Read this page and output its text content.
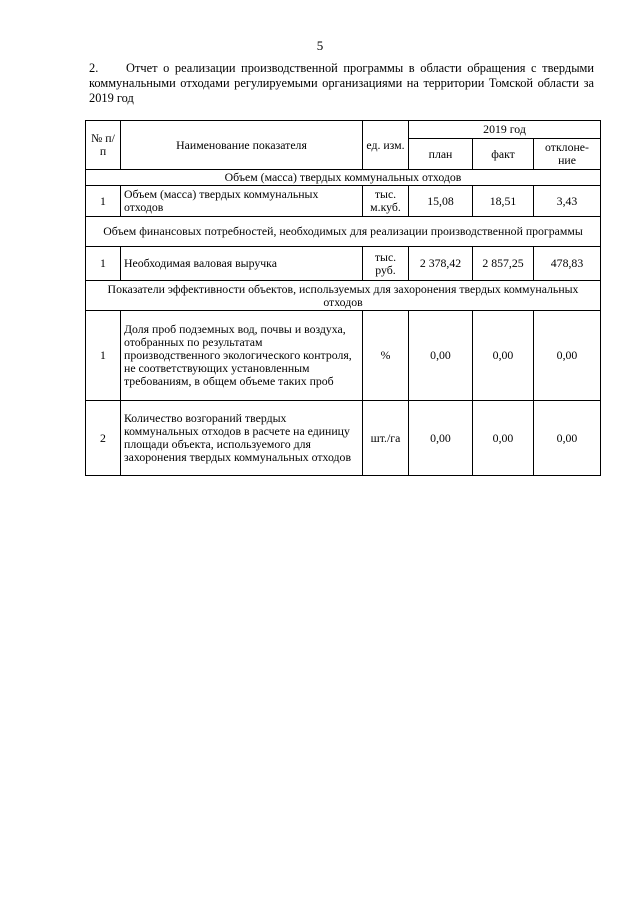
5
2. Отчет о реализации производственной программы в области обращения с твердыми коммунальными отходами регулируемыми организациями на территории Томской области за 2019 год
№ п/п	Наименование показателя	ед. изм.	2019 год		
			план	факт	отклоне-ние
Объем (масса) твердых коммунальных отходов					
1	Объем (масса) твердых коммунальных отходов	тыс. м.куб.	15,08	18,51	3,43
Объем финансовых потребностей, необходимых для реализации производственной программы					
1	Необходимая валовая выручка	тыс. руб.	2 378,42	2 857,25	478,83
Показатели эффективности объектов, используемых для захоронения твердых коммунальных отходов					
1	Доля проб подземных вод, почвы и воздуха, отобранных по результатам производственного экологического контроля, не соответствующих установленным требованиям, в общем объеме таких проб	%	0,00	0,00	0,00
2	Количество возгораний твердых коммунальных отходов в расчете на единицу площади объекта, используемого для захоронения твердых коммунальных отходов	шт./га	0,00	0,00	0,00
